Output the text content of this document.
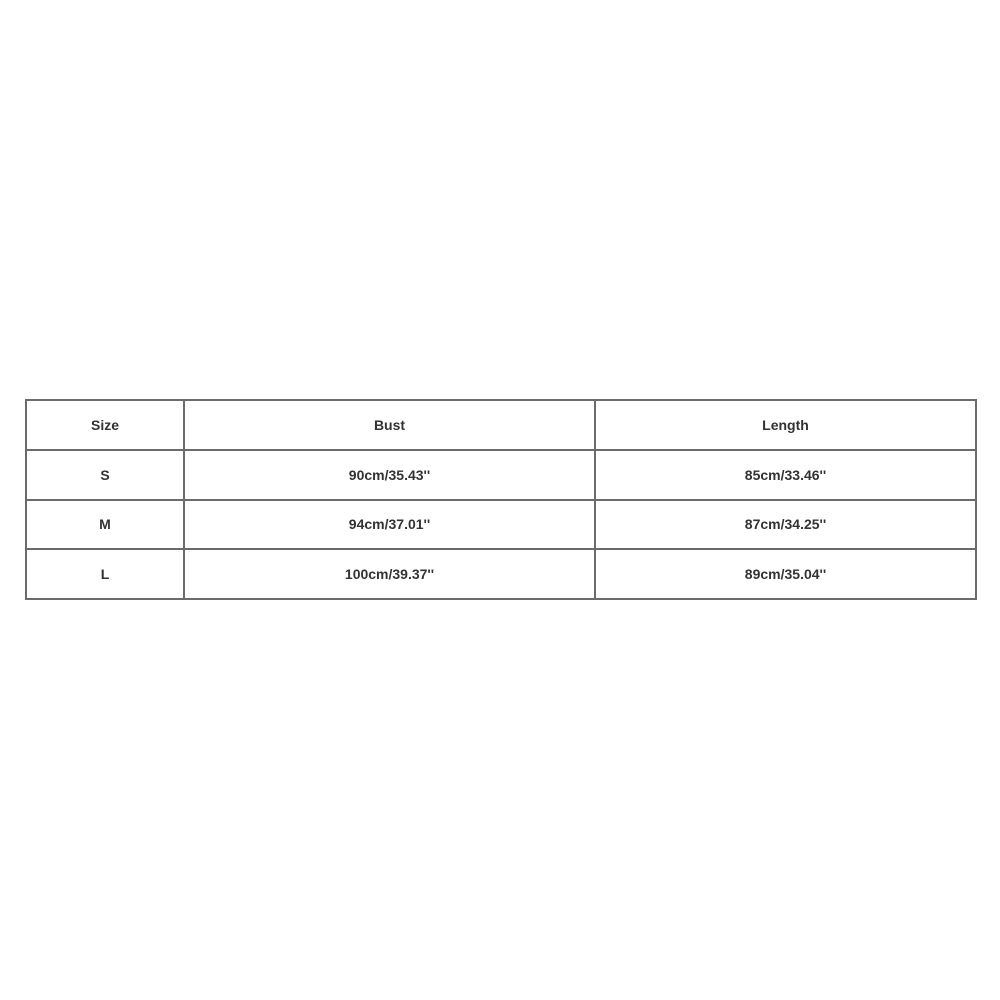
Size	Bust	Length
S	90cm/35.43''	85cm/33.46''
M	94cm/37.01''	87cm/34.25''
L	100cm/39.37''	89cm/35.04''
